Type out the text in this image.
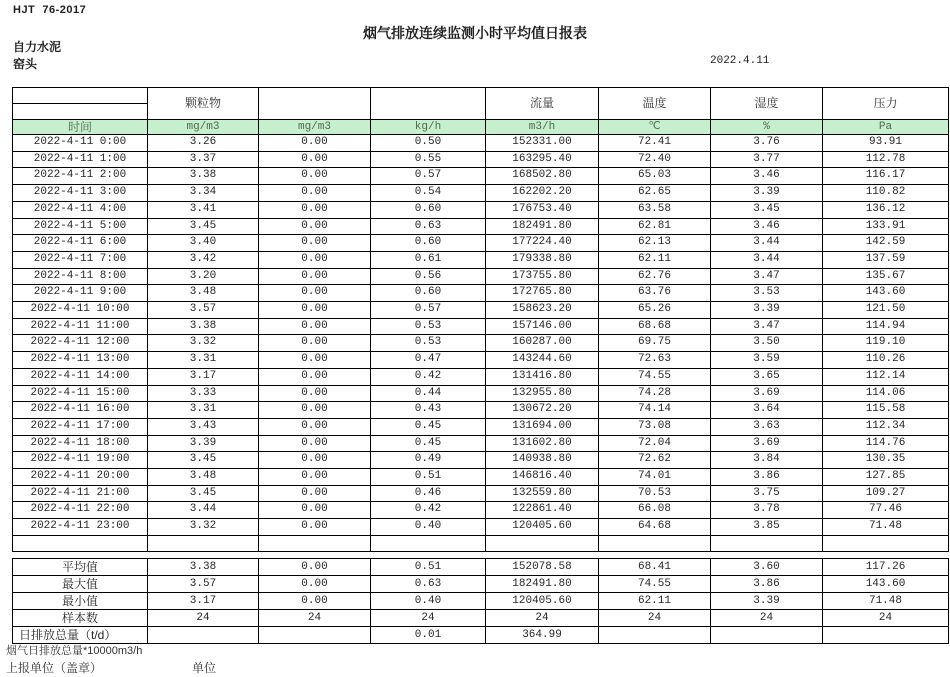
HJT  76-2017
烟气排放连续监测小时平均值日报表
自力水泥
窑头	2022.4.11
	颗粒物			流量	温度	湿度	压力

时间	mg/m3	mg/m3	kg/h	m3/h	℃	%	Pa
2022-4-11 0:00	3.26	0.00	0.50	152331.00	72.41	3.76	93.91
2022-4-11 1:00	3.37	0.00	0.55	163295.40	72.40	3.77	112.78
2022-4-11 2:00	3.38	0.00	0.57	168502.80	65.03	3.46	116.17
2022-4-11 3:00	3.34	0.00	0.54	162202.20	62.65	3.39	110.82
2022-4-11 4:00	3.41	0.00	0.60	176753.40	63.58	3.45	136.12
2022-4-11 5:00	3.45	0.00	0.63	182491.80	62.81	3.46	133.91
2022-4-11 6:00	3.40	0.00	0.60	177224.40	62.13	3.44	142.59
2022-4-11 7:00	3.42	0.00	0.61	179338.80	62.11	3.44	137.59
2022-4-11 8:00	3.20	0.00	0.56	173755.80	62.76	3.47	135.67
2022-4-11 9:00	3.48	0.00	0.60	172765.80	63.76	3.53	143.60
2022-4-11 10:00	3.57	0.00	0.57	158623.20	65.26	3.39	121.50
2022-4-11 11:00	3.38	0.00	0.53	157146.00	68.68	3.47	114.94
2022-4-11 12:00	3.32	0.00	0.53	160287.00	69.75	3.50	119.10
2022-4-11 13:00	3.31	0.00	0.47	143244.60	72.63	3.59	110.26
2022-4-11 14:00	3.17	0.00	0.42	131416.80	74.55	3.65	112.14
2022-4-11 15:00	3.33	0.00	0.44	132955.80	74.28	3.69	114.06
2022-4-11 16:00	3.31	0.00	0.43	130672.20	74.14	3.64	115.58
2022-4-11 17:00	3.43	0.00	0.45	131694.00	73.08	3.63	112.34
2022-4-11 18:00	3.39	0.00	0.45	131602.80	72.04	3.69	114.76
2022-4-11 19:00	3.45	0.00	0.49	140938.80	72.62	3.84	130.35
2022-4-11 20:00	3.48	0.00	0.51	146816.40	74.01	3.86	127.85
2022-4-11 21:00	3.45	0.00	0.46	132559.80	70.53	3.75	109.27
2022-4-11 22:00	3.44	0.00	0.42	122861.40	66.08	3.78	77.46
2022-4-11 23:00	3.32	0.00	0.40	120405.60	64.68	3.85	71.48

平均值	3.38	0.00	0.51	152078.58	68.41	3.60	117.26
最大值	3.57	0.00	0.63	182491.80	74.55	3.86	143.60
最小值	3.17	0.00	0.40	120405.60	62.11	3.39	71.48
样本数	24	24	24	24	24	24	24
日排放总量（t/d）			0.01	364.99			
烟气日排放总量*10000m3/h
上报单位（盖章）	单位
